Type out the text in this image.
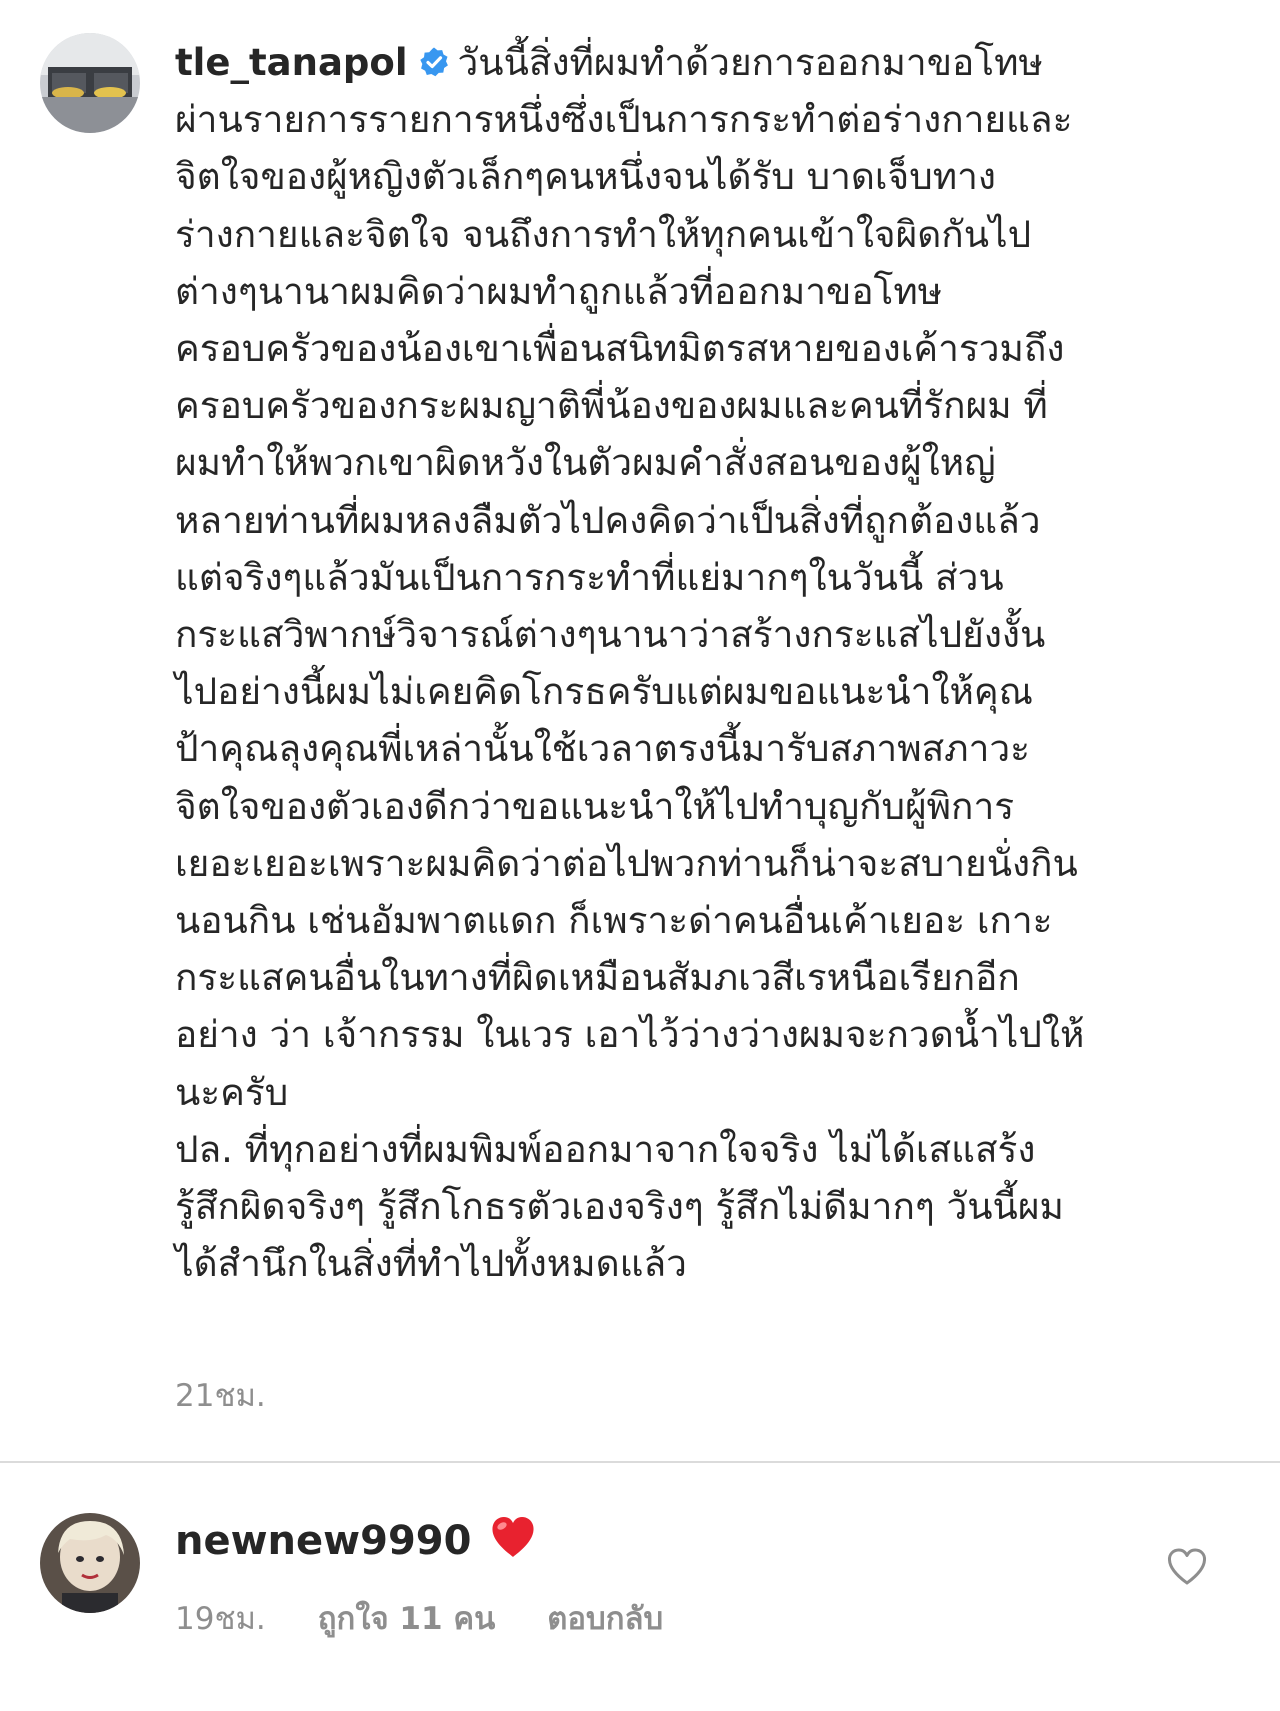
tle_tanapol วันนี้สิ่งที่ผมทำด้วยการออกมาขอโทษ
ผ่านรายการรายการหนึ่งซึ่งเป็นการกระทำต่อร่างกายและ
จิตใจของผู้หญิงตัวเล็กๆคนหนึ่งจนได้รับ บาดเจ็บทาง
ร่างกายและจิตใจ จนถึงการทำให้ทุกคนเข้าใจผิดกันไป
ต่างๆนานาผมคิดว่าผมทำถูกแล้วที่ออกมาขอโทษ
ครอบครัวของน้องเขาเพื่อนสนิทมิตรสหายของเค้ารวมถึง
ครอบครัวของกระผมญาติพี่น้องของผมและคนที่รักผม ที่
ผมทำให้พวกเขาผิดหวังในตัวผมคำสั่งสอนของผู้ใหญ่
หลายท่านที่ผมหลงลืมตัวไปคงคิดว่าเป็นสิ่งที่ถูกต้องแล้ว
แต่จริงๆแล้วมันเป็นการกระทำที่แย่มากๆในวันนี้ ส่วน
กระแสวิพากษ์วิจารณ์ต่างๆนานาว่าสร้างกระแสไปยังงั้น
ไปอย่างนี้ผมไม่เคยคิดโกรธครับแต่ผมขอแนะนำให้คุณ
ป้าคุณลุงคุณพี่เหล่านั้นใช้เวลาตรงนี้มารับสภาพสภาวะ
จิตใจของตัวเองดีกว่าขอแนะนำให้ไปทำบุญกับผู้พิการ
เยอะเยอะเพราะผมคิดว่าต่อไปพวกท่านก็น่าจะสบายนั่งกิน
นอนกิน เช่นอัมพาตแดก ก็เพราะด่าคนอื่นเค้าเยอะ เกาะ
กระแสคนอื่นในทางที่ผิดเหมือนสัมภเวสีเรหนือเรียกอีก
อย่าง ว่า เจ้ากรรม ในเวร เอาไว้ว่างว่างผมจะกวดน้ำไปให้
นะครับ
ปล. ที่ทุกอย่างที่ผมพิมพ์ออกมาจากใจจริง ไม่ได้เสแสร้ง
รู้สึกผิดจริงๆ รู้สึกโกธรตัวเองจริงๆ รู้สึกไม่ดีมากๆ วันนี้ผม
ได้สำนึกในสิ่งที่ทำไปทั้งหมดแล้ว
21ชม.
newnew9990
19ชม. ถูกใจ 11 คน ตอบกลับ
